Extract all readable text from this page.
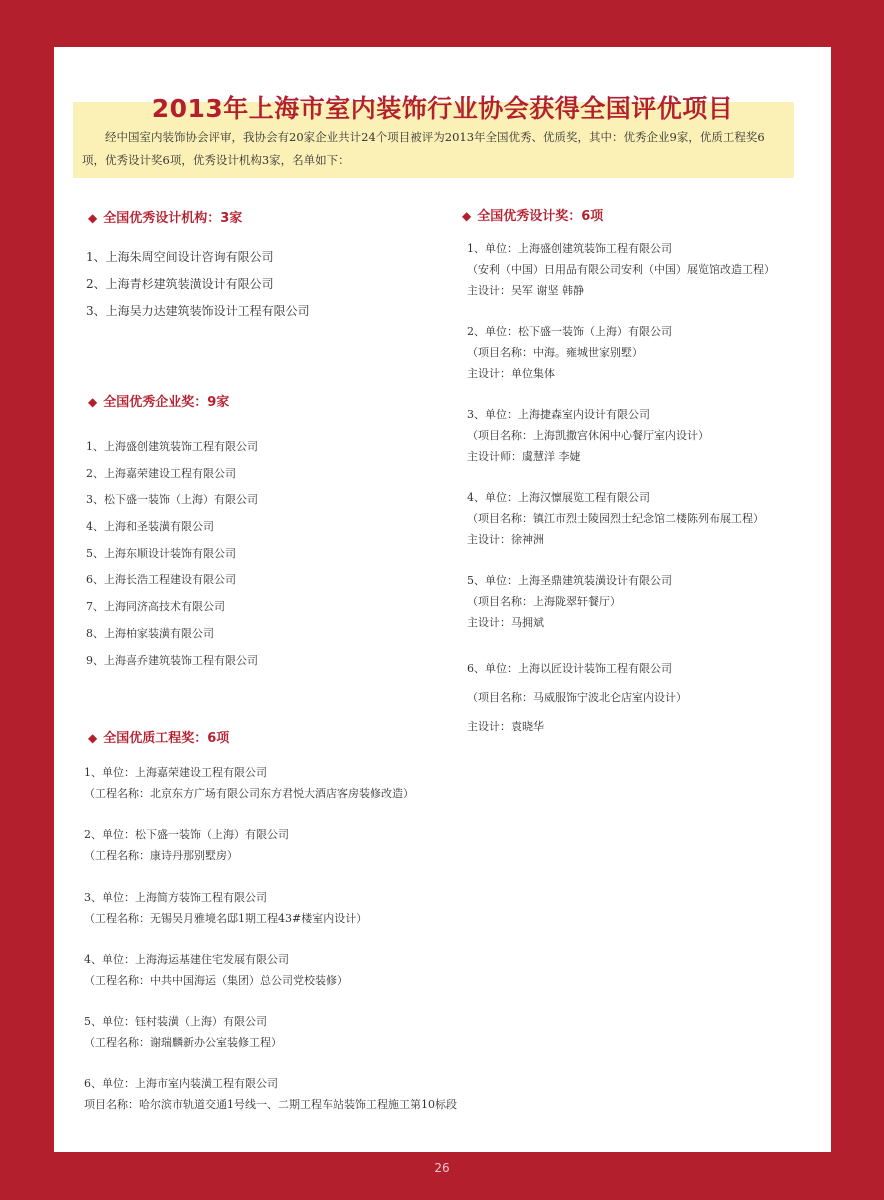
2013年上海市室内装饰行业协会获得全国评优项目

经中国室内装饰协会评审，我协会有20家企业共计24个项目被评为2013年全国优秀、优质奖，其中：优秀企业9家，优质工程奖6项，优秀设计奖6项，优秀设计机构3家，名单如下：

◆ 全国优秀设计机构：3家
1、上海朱周空间设计咨询有限公司
2、上海青杉建筑装潢设计有限公司
3、上海吴力达建筑装饰设计工程有限公司
◆ 全国优秀企业奖：9家
1、上海盛创建筑装饰工程有限公司
2、上海嘉荣建设工程有限公司
3、松下盛一装饰（上海）有限公司
4、上海和圣装潢有限公司
5、上海东顺设计装饰有限公司
6、上海长浩工程建设有限公司
7、上海同济高技术有限公司
8、上海柏家装潢有限公司
9、上海喜乔建筑装饰工程有限公司
◆ 全国优质工程奖：6项
1、单位：上海嘉荣建设工程有限公司
（工程名称：北京东方广场有限公司东方君悦大酒店客房装修改造）
2、单位：松下盛一装饰（上海）有限公司
（工程名称：康诗丹那别墅房）
3、单位：上海简方装饰工程有限公司
（工程名称：无锡吴月雅境名邸1期工程43#楼室内设计）
4、单位：上海海运基建住宅发展有限公司
（工程名称：中共中国海运（集团）总公司党校装修）
5、单位：钰村装潢（上海）有限公司
（工程名称：谢瑞麟新办公室装修工程）
6、单位：上海市室内装潢工程有限公司
项目名称：哈尔滨市轨道交通1号线一、二期工程车站装饰工程施工第10标段
◆ 全国优秀设计奖：6项
1、单位：上海盛创建筑装饰工程有限公司
（安利（中国）日用品有限公司安利（中国）展览馆改造工程）
主设计：吴军 谢坚 韩静
2、单位：松下盛一装饰（上海）有限公司
（项目名称：中海。雍城世家别墅）
主设计：单位集体
3、单位：上海捷森室内设计有限公司
（项目名称：上海凯撒宫休闲中心餐厅室内设计）
主设计师：虞慧洋 李婕
4、单位：上海汉懔展览工程有限公司
（项目名称：镇江市烈士陵园烈士纪念馆二楼陈列布展工程）
主设计：徐神洲
5、单位：上海圣鼎建筑装潢设计有限公司
（项目名称：上海陇翠轩餐厅）
主设计：马拥斌
6、单位：上海以匠设计装饰工程有限公司
（项目名称：马威服饰宁波北仑店室内设计）
主设计：袁晓华
26
